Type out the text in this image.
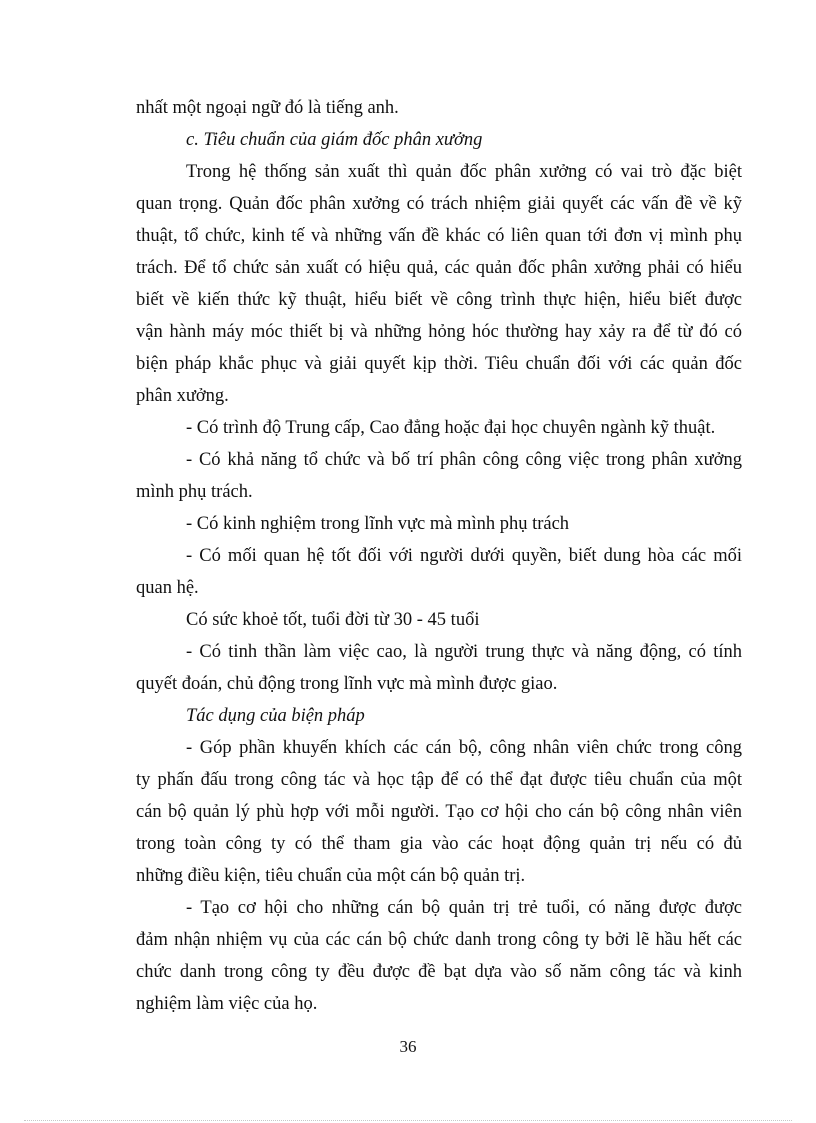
nhất một ngoại ngữ đó là tiếng anh.
c. Tiêu chuẩn của giám đốc phân xưởng
Trong hệ thống sản xuất thì quản đốc phân xưởng có vai trò đặc biệt
quan trọng. Quản đốc phân xưởng có trách nhiệm giải quyết các vấn đề về kỹ
thuật, tổ chức, kinh tế và những vấn đề khác có liên quan tới đơn vị mình phụ
trách. Để tổ chức sản xuất có hiệu quả, các quản đốc phân xưởng phải có hiểu
biết về kiến thức kỹ thuật, hiểu biết về công trình thực hiện, hiểu biết được
vận hành máy móc thiết bị và những hỏng hóc thường hay xảy ra để từ đó có
biện pháp khắc phục và giải quyết kịp thời. Tiêu chuẩn đối với các quản đốc
phân xưởng.
- Có trình độ Trung cấp, Cao đẳng hoặc đại học chuyên ngành kỹ thuật.
- Có khả năng tổ chức và bố trí phân công công việc trong phân xưởng
mình phụ trách.
- Có kinh nghiệm trong lĩnh vực mà mình phụ trách
- Có mối quan hệ tốt đối với người dưới quyền, biết dung hòa các mối
quan hệ.
Có sức khoẻ tốt, tuổi đời từ 30 - 45 tuổi
- Có tinh thần làm việc cao, là người trung thực và năng động, có tính
quyết đoán, chủ động trong lĩnh vực mà mình được giao.
Tác dụng của biện pháp
- Góp phần khuyến khích các cán bộ, công nhân viên chức trong công
ty phấn đấu trong công tác và học tập để có thể đạt được tiêu chuẩn của một
cán bộ quản lý phù hợp với mỗi người. Tạo cơ hội cho cán bộ công nhân viên
trong toàn công ty có thể tham gia vào các hoạt động quản trị nếu có đủ
những điều kiện, tiêu chuẩn của một cán bộ quản trị.
- Tạo cơ hội cho những cán bộ quản trị trẻ tuổi, có năng được được
đảm nhận nhiệm vụ của các cán bộ chức danh trong công ty bởi lẽ hầu hết các
chức danh trong công ty đều được đề bạt dựa vào số năm công tác và kinh
nghiệm làm việc của họ.
36
